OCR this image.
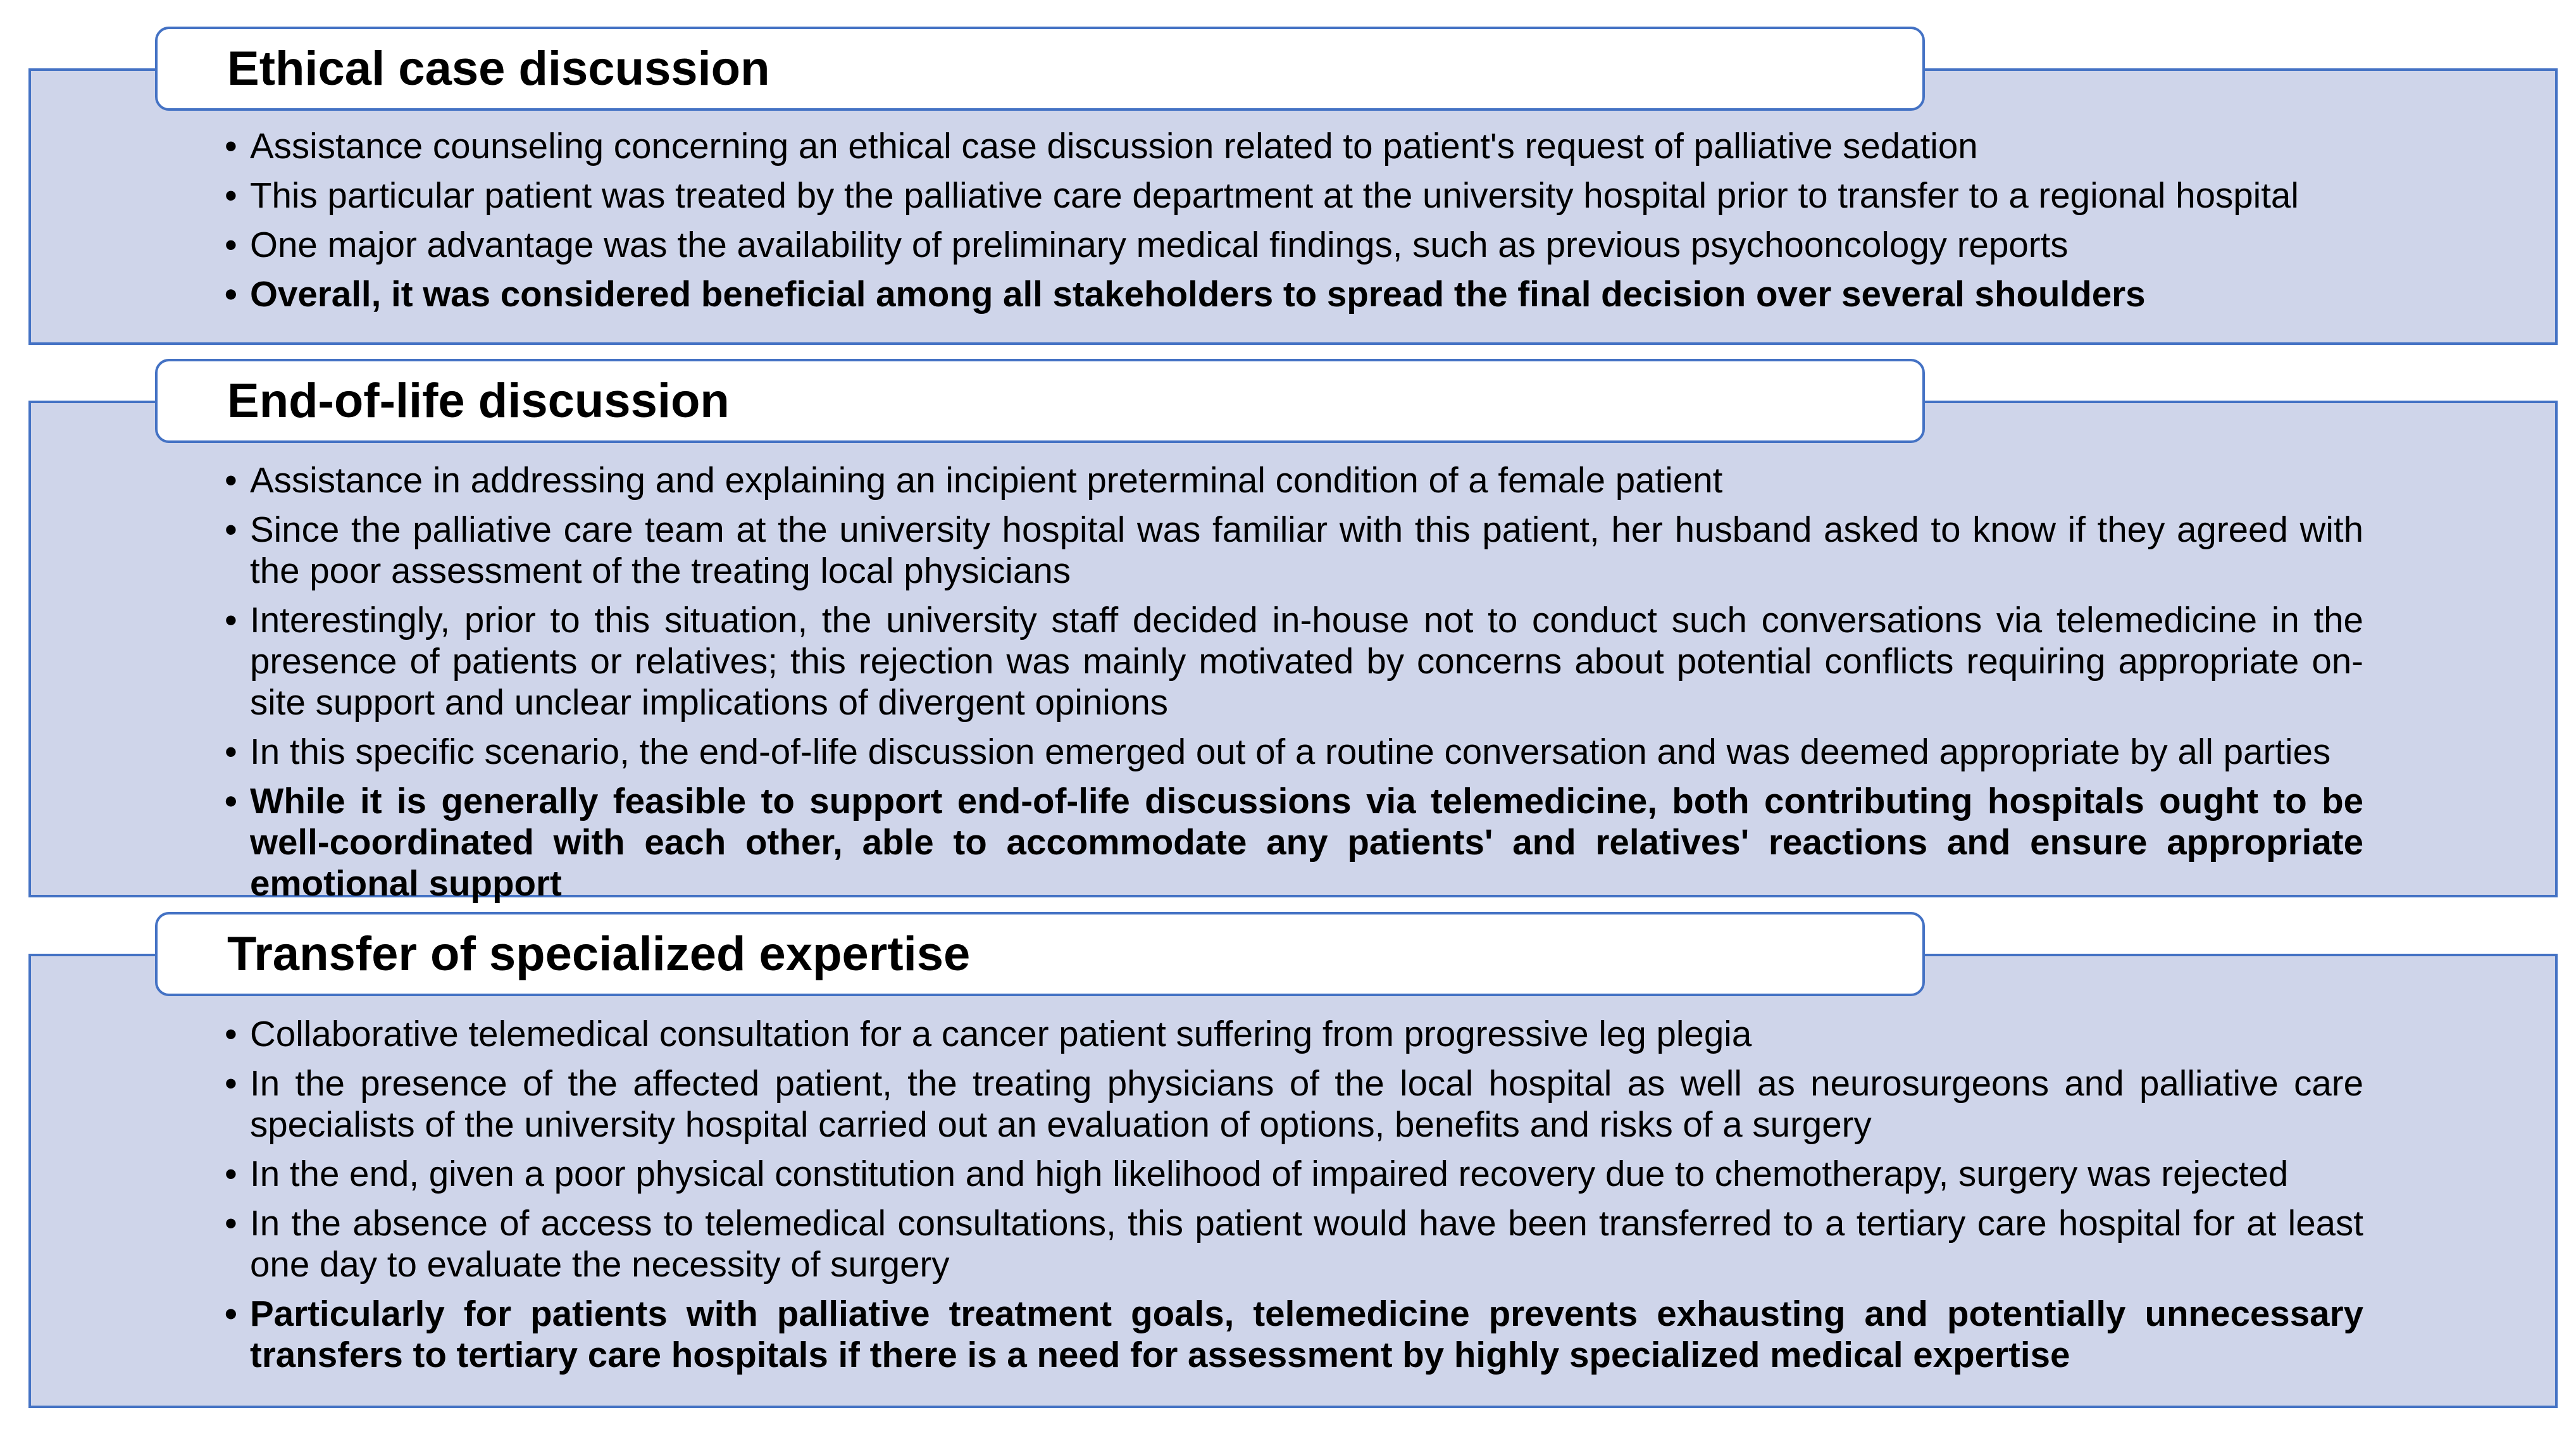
Ethical case discussion
• Assistance counseling concerning an ethical case discussion related to patient's request of palliative sedation
• This particular patient was treated by the palliative care department at the university hospital prior to transfer to a regional hospital
• One major advantage was the availability of preliminary medical findings, such as previous psychooncology reports
• Overall, it was considered beneficial among all stakeholders to spread the final decision over several shoulders
End-of-life discussion
• Assistance in addressing and explaining an incipient preterminal condition of a female patient
• Since the palliative care team at the university hospital was familiar with this patient, her husband asked to know if they agreed with the poor assessment of the treating local physicians
• Interestingly, prior to this situation, the university staff decided in-house not to conduct such conversations via telemedicine in the presence of patients or relatives; this rejection was mainly motivated by concerns about potential conflicts requiring appropriate on-site support and unclear implications of divergent opinions
• In this specific scenario, the end-of-life discussion emerged out of a routine conversation and was deemed appropriate by all parties
• While it is generally feasible to support end-of-life discussions via telemedicine, both contributing hospitals ought to be well-coordinated with each other, able to accommodate any patients' and relatives' reactions and ensure appropriate emotional support
Transfer of specialized expertise
• Collaborative telemedical consultation for a cancer patient suffering from progressive leg plegia
• In the presence of the affected patient, the treating physicians of the local hospital as well as neurosurgeons and palliative care specialists of the university hospital carried out an evaluation of options, benefits and risks of a surgery
• In the end, given a poor physical constitution and high likelihood of impaired recovery due to chemotherapy, surgery was rejected
• In the absence of access to telemedical consultations, this patient would have been transferred to a tertiary care hospital for at least one day to evaluate the necessity of surgery
• Particularly for patients with palliative treatment goals, telemedicine prevents exhausting and potentially unnecessary transfers to tertiary care hospitals if there is a need for assessment by highly specialized medical expertise
